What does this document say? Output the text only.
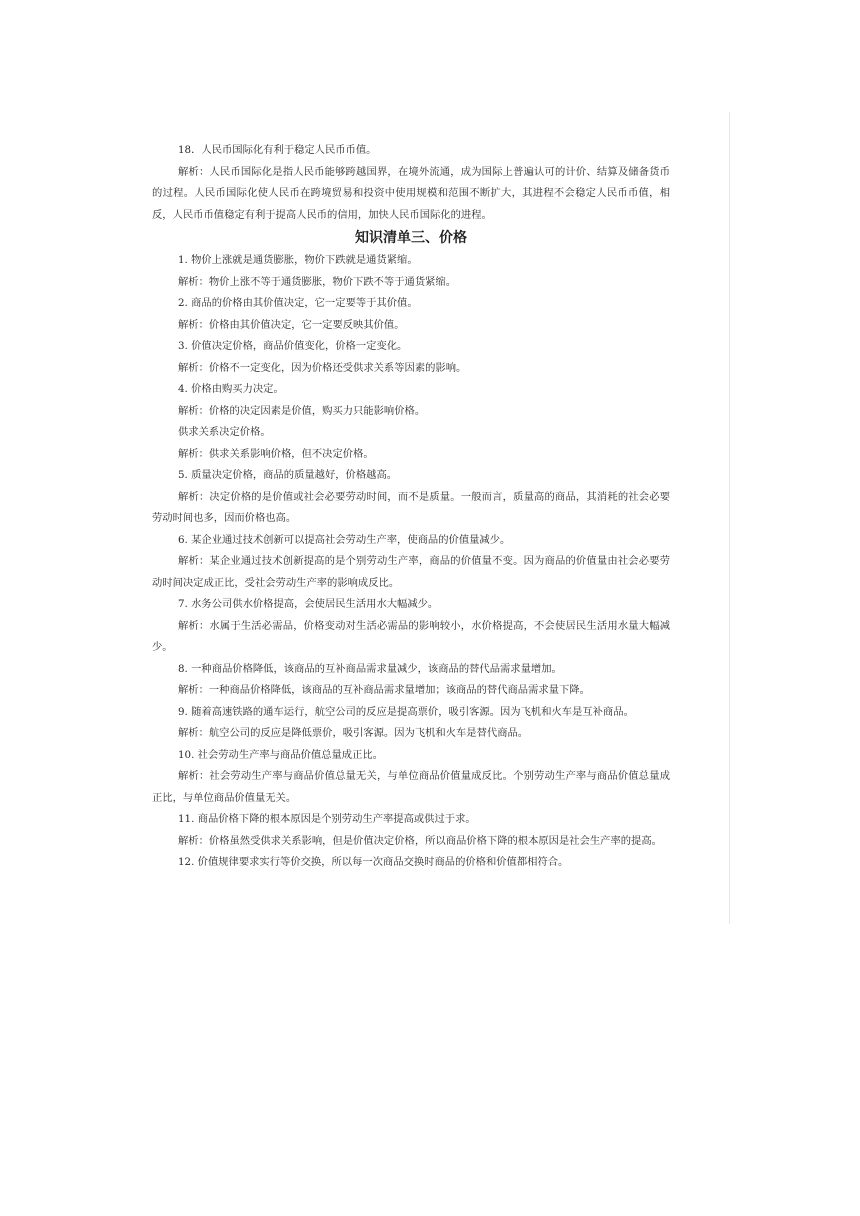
18．人民币国际化有利于稳定人民币币值。

解析：人民币国际化是指人民币能够跨越国界，在境外流通，成为国际上普遍认可的计价、结算及储备货币的过程。人民币国际化使人民币在跨境贸易和投资中使用规模和范围不断扩大，其进程不会稳定人民币币值，相反，人民币币值稳定有利于提高人民币的信用，加快人民币国际化的进程。

知识清单三、价格

1. 物价上涨就是通货膨胀，物价下跌就是通货紧缩。

解析：物价上涨不等于通货膨胀，物价下跌不等于通货紧缩。

2. 商品的价格由其价值决定，它一定要等于其价值。

解析：价格由其价值决定，它一定要反映其价值。

3. 价值决定价格，商品价值变化，价格一定变化。

解析：价格不一定变化，因为价格还受供求关系等因素的影响。

4. 价格由购买力决定。

解析：价格的决定因素是价值，购买力只能影响价格。

供求关系决定价格。

解析：供求关系影响价格，但不决定价格。

5. 质量决定价格，商品的质量越好，价格越高。

解析：决定价格的是价值或社会必要劳动时间，而不是质量。一般而言，质量高的商品，其消耗的社会必要劳动时间也多，因而价格也高。

6. 某企业通过技术创新可以提高社会劳动生产率，使商品的价值量减少。

解析：某企业通过技术创新提高的是个别劳动生产率，商品的价值量不变。因为商品的价值量由社会必要劳动时间决定成正比，受社会劳动生产率的影响成反比。

7. 水务公司供水价格提高，会使居民生活用水大幅减少。

解析：水属于生活必需品，价格变动对生活必需品的影响较小，水价格提高，不会使居民生活用水量大幅减少。

8. 一种商品价格降低，该商品的互补商品需求量减少，该商品的替代品需求量增加。

解析：一种商品价格降低，该商品的互补商品需求量增加；该商品的替代商品需求量下降。

9. 随着高速铁路的通车运行，航空公司的反应是提高票价，吸引客源。因为飞机和火车是互补商品。

解析：航空公司的反应是降低票价，吸引客源。因为飞机和火车是替代商品。

10. 社会劳动生产率与商品价值总量成正比。

解析：社会劳动生产率与商品价值总量无关，与单位商品价值量成反比。个别劳动生产率与商品价值总量成正比，与单位商品价值量无关。

11. 商品价格下降的根本原因是个别劳动生产率提高或供过于求。

解析：价格虽然受供求关系影响，但是价值决定价格，所以商品价格下降的根本原因是社会生产率的提高。

12. 价值规律要求实行等价交换，所以每一次商品交换时商品的价格和价值都相符合。
